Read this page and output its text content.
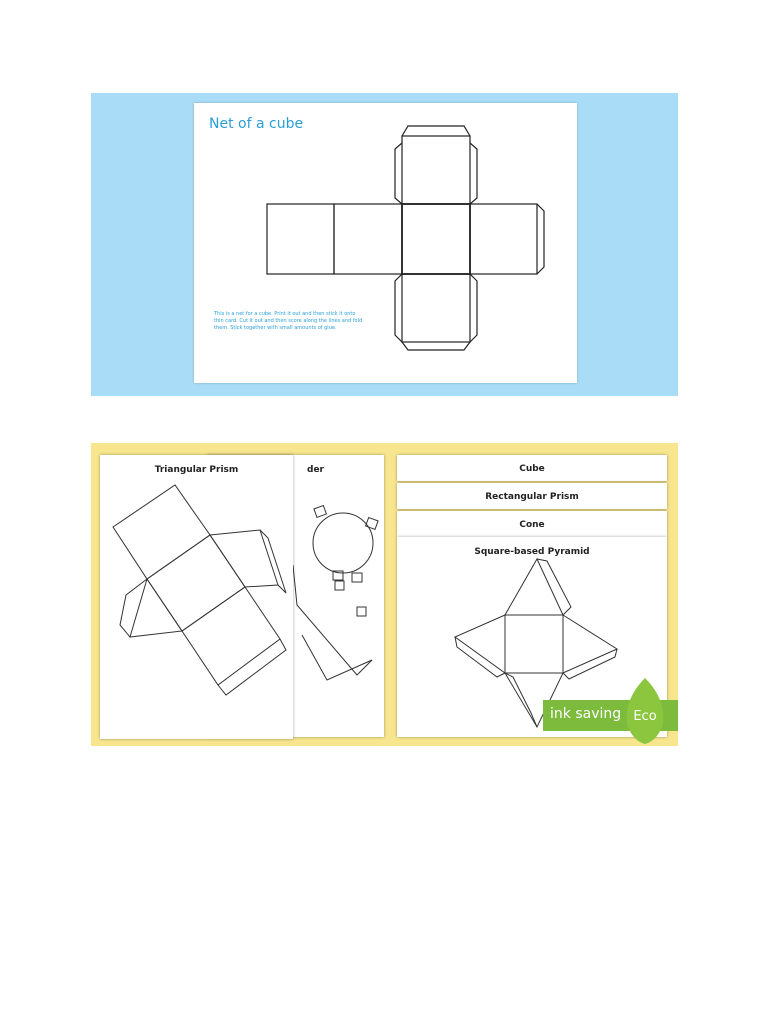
Net of a cube
This is a net for a cube. Print it out and then stick it onto thin card. Cut it out and then score along the lines and fold them. Stick together with small amounts of glue.
der
Triangular Prism	Cube
Rectangular Prism
Cone
Square-based Pyramid
ink saving Eco
